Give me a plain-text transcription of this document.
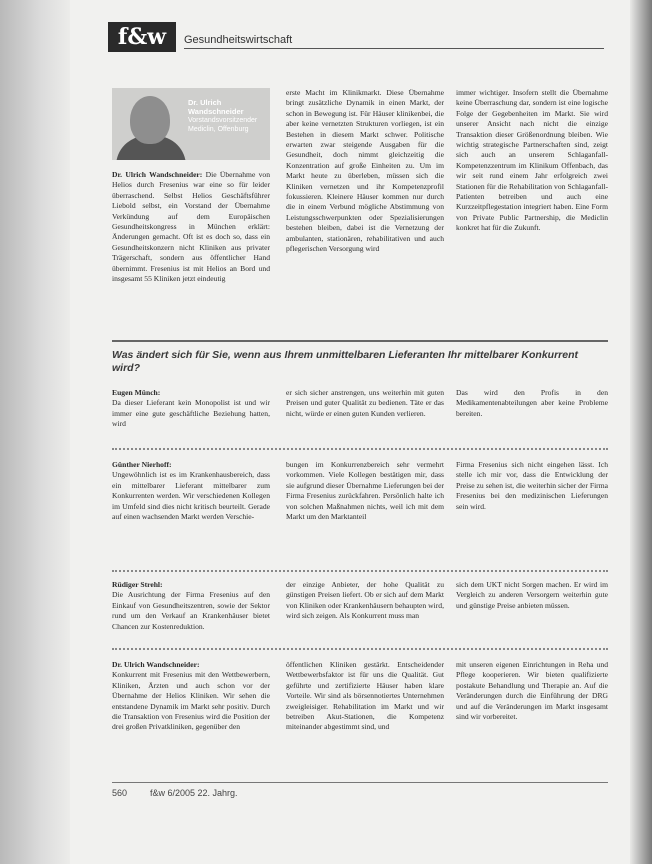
f&w	Gesundheitswirtschaft
Dr. Ulrich Wandschneider
Vorstandsvorsitzender Mediclin, Offenburg
Dr. Ulrich Wandschneider: Die Übernahme von Helios durch Fresenius war eine so für leider überraschend. Selbst Helios Geschäftsführer Liebold selbst, ein Vorstand der Übernahme Verkündung auf dem Europäischen Gesundheitskongress in München erklärt: Änderungen gemacht. Oft ist es doch so, dass ein Gesundheitskonzern nicht Kliniken aus privater Trägerschaft, sondern aus öffentlicher Hand übernimmt. Fresenius ist mit Helios an Bord und insgesamt 55 Kliniken jetzt eindeutig
erste Macht im Klinikmarkt. Diese Übernahme bringt zusätzliche Dynamik in einen Markt, der schon in Bewegung ist. Für Häuser klinikenbei, die aber keine vernetzten Strukturen vorliegen, ist ein Bestehen in diesem Markt schwer. Politische erwarten zwar steigende Ausgaben für die Gesundheit, doch nimmt gleichzeitig die Konzentration auf große Einheiten zu. Um im Markt heute zu überleben, müssen sich die Kliniken vernetzen und ihr Kompetenzprofil fokussieren. Kleinere Häuser kommen nur durch die in einem Verbund mögliche Abstimmung von Leistungsschwerpunkten oder Spezialisierungen bestehen bleiben, dabei ist die Vernetzung der ambulanten, stationären, rehabilitativen und auch pflegerischen Versorgung wird
immer wichtiger. Insofern stellt die Übernahme keine Überraschung dar, sondern ist eine logische Folge der Gegebenheiten im Markt. Sie wird unserer Ansicht nach nicht die einzige Transaktion dieser Größenordnung bleiben. Wie wichtig strategische Partnerschaften sind, zeigt sich auch an unserem Schlaganfall-Kompetenzzentrum im Klinikum Offenbach, das wir seit rund einem Jahr erfolgreich zwei Stationen für die Rehabilitation von Schlaganfall-Patienten betreiben und auch eine Kurzzeitpflegestation integriert haben. Eine Form von Private Public Partnership, die Mediclin konkret hat für die Zukunft.
Was ändert sich für Sie, wenn aus Ihrem unmittelbaren Lieferanten Ihr mittelbarer Konkurrent wird?
Eugen Münch:
Da dieser Lieferant kein Monopolist ist und wir immer eine gute geschäftliche Beziehung hatten, wird
er sich sicher anstrengen, uns weiterhin mit guten Preisen und guter Qualität zu bedienen. Täte er das nicht, würde er einen guten Kunden verlieren.
Das wird den Profis in den Medikamentenabteilungen aber keine Probleme bereiten.
Günther Nierhoff:
Ungewöhnlich ist es im Krankenhausbereich, dass ein mittelbarer Lieferant mittelbarer zum Konkurrenten werden. Wir verschiedenen Kollegen im Umfeld sind dies nicht kritisch beurteilt. Gerade auf einen wachsenden Markt werden Verschie-
bungen im Konkurrenzbereich sehr vermehrt vorkommen. Viele Kollegen bestätigen mir, dass sie aufgrund dieser Übernahme Lieferungen bei der Firma Fresenius zurückfahren. Persönlich halte ich von solchen Maßnahmen nichts, weil ich mit dem Markt um den Marktanteil
Firma Fresenius sich nicht eingehen lässt. Ich stelle ich mir vor, dass die Entwicklung der Preise zu sehen ist, die weiterhin sicher der Firma Fresenius bei den medizinischen Lieferungen sein wird.
Rüdiger Strehl:
Die Ausrichtung der Firma Fresenius auf den Einkauf von Gesundheitszentren, sowie der Sektor rund um den Verkauf an Krankenhäuser bietet Chancen zur Kostenreduktion.
der einzige Anbieter, der hohe Qualität zu günstigen Preisen liefert. Ob er sich auf dem Markt von Kliniken oder Krankenhäusern behaupten wird, wird sich zeigen. Als Konkurrent muss man
sich dem UKT nicht Sorgen machen. Er wird im Vergleich zu anderen Versorgern weiterhin gute und günstige Preise anbieten müssen.
Dr. Ulrich Wandschneider:
Konkurrent mit Fresenius mit den Wettbewerbern, Kliniken, Ärzten und auch schon vor der Übernahme der Helios Kliniken. Wir sehen die entstandene Dynamik im Markt sehr positiv. Durch die Transaktion von Fresenius wird die Position der drei großen Privatkliniken, gegenüber den
öffentlichen Kliniken gestärkt. Entscheidender Wettbewerbsfaktor ist für uns die Qualität. Gut geführte und zertifizierte Häuser haben klare Vorteile. Wir sind als börsennotiertes Unternehmen zweigleisiger. Rehabilitation im Markt und wir betreiben Akut-Stationen, die Kompetenz miteinander abgestimmt sind, und
mit unseren eigenen Einrichtungen in Reha und Pflege kooperieren. Wir bieten qualifizierte postakute Behandlung und Therapie an. Auf die Veränderungen durch die Einführung der DRG und auf die Veränderungen im Markt insgesamt sind wir vorbereitet.
560	f&w 6/2005 22. Jahrg.
